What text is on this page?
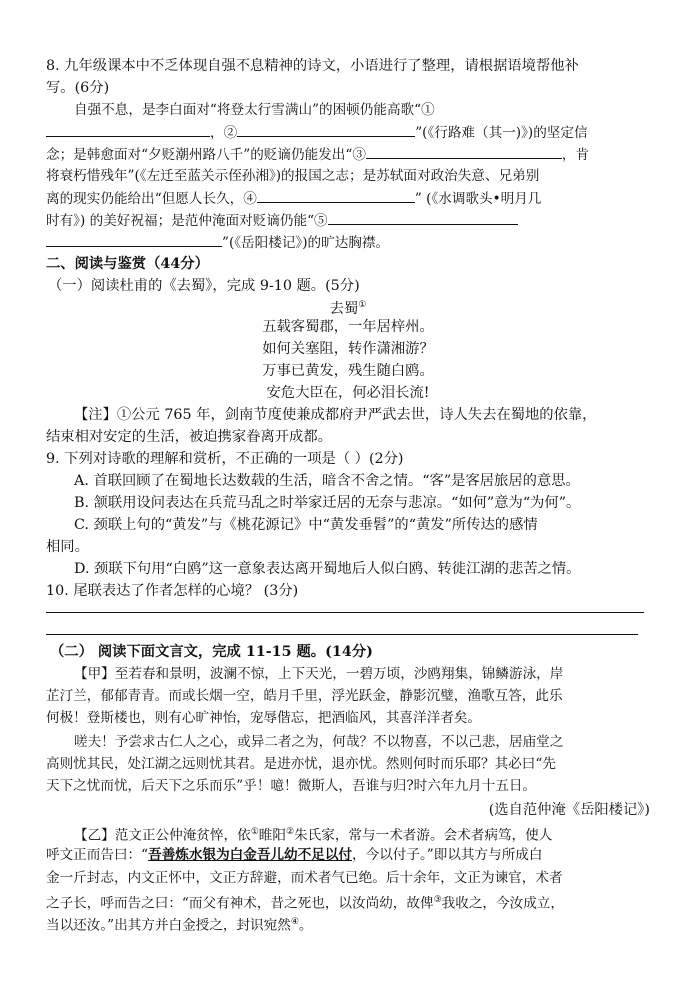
8. 九年级课本中不乏体现自强不息精神的诗文，小语进行了整理，请根据语境帮他补
写。(6分)
自强不息，是李白面对“将登太行雪满山”的困顿仍能高歌“①
，②	”(《行路难（其一)》)的坚定信
念；是韩愈面对“夕贬潮州路八千”的贬谪仍能发出“③	，肯
将衰朽惜残年”(《左迁至蓝关示侄孙湘》)的报国之志；是苏轼面对政治失意、兄弟别
离的现实仍能给出“但愿人长久，④	” (《水调歌头•明月几
时有》) 的美好祝福；是范仲淹面对贬谪仍能“⑤
”(《岳阳楼记》)的旷达胸襟。
二、阅读与鉴赏（44分）
（一）阅读杜甫的《去蜀》，完成 9-10 题。(5分)
去蜀①
五载客蜀郡，一年居梓州。
如何关塞阻，转作潇湘游？
万事已黄发，残生随白鸥。
安危大臣在，何必泪长流!
【注】①公元 765 年，剑南节度使兼成都府尹严武去世，诗人失去在蜀地的依靠，
结束相对安定的生活，被迫携家眷离开成都。
9. 下列对诗歌的理解和赏析，不正确的一项是（ ）(2分)
A. 首联回顾了在蜀地长达数载的生活，暗含不舍之情。“客”是客居旅居的意思。
B. 颔联用设问表达在兵荒马乱之时举家迁居的无奈与悲凉。“如何”意为“为何”。
C. 颈联上句的“黄发”与《桃花源记》中“黄发垂髫”的“黄发”所传达的感情
相同。
D. 颈联下句用“白鸥”这一意象表达离开蜀地后人似白鸥、转徙江湖的悲苦之情。
10. 尾联表达了作者怎样的心境？ (3分)
（二） 阅读下面文言文，完成 11-15 题。(14分)
【甲】至若春和景明，波澜不惊，上下天光，一碧万顷，沙鸥翔集，锦鳞游泳，岸
芷汀兰，郁郁青青。而或长烟一空，皓月千里，浮光跃金，静影沉璧，渔歌互答，此乐
何极！登斯楼也，则有心旷神怡，宠辱偕忘，把酒临风，其喜洋洋者矣。
嗟夫！予尝求古仁人之心，或异二者之为，何哉？不以物喜，不以己悲，居庙堂之
高则忧其民，处江湖之远则忧其君。是进亦忧，退亦忧。然则何时而乐耶？其必曰“先
天下之忧而忧，后天下之乐而乐”乎！噫！微斯人，吾谁与归?时六年九月十五日。
(选自范仲淹《岳阳楼记》)
【乙】范文正公仲淹贫悴，依①睢阳②朱氏家，常与一术者游。会术者病笃，使人
呼文正而告曰：“吾善炼水银为白金吾儿幼不足以付，今以付子。”即以其方与所成白
金一斤封志，内文正怀中，文正方辞避，而术者气已绝。后十余年，文正为谏官，术者
之子长，呼而告之曰：“而父有神术，昔之死也，以汝尚幼，故俾③我收之，今汝成立，
当以还汝。”出其方并白金授之，封识宛然④。
